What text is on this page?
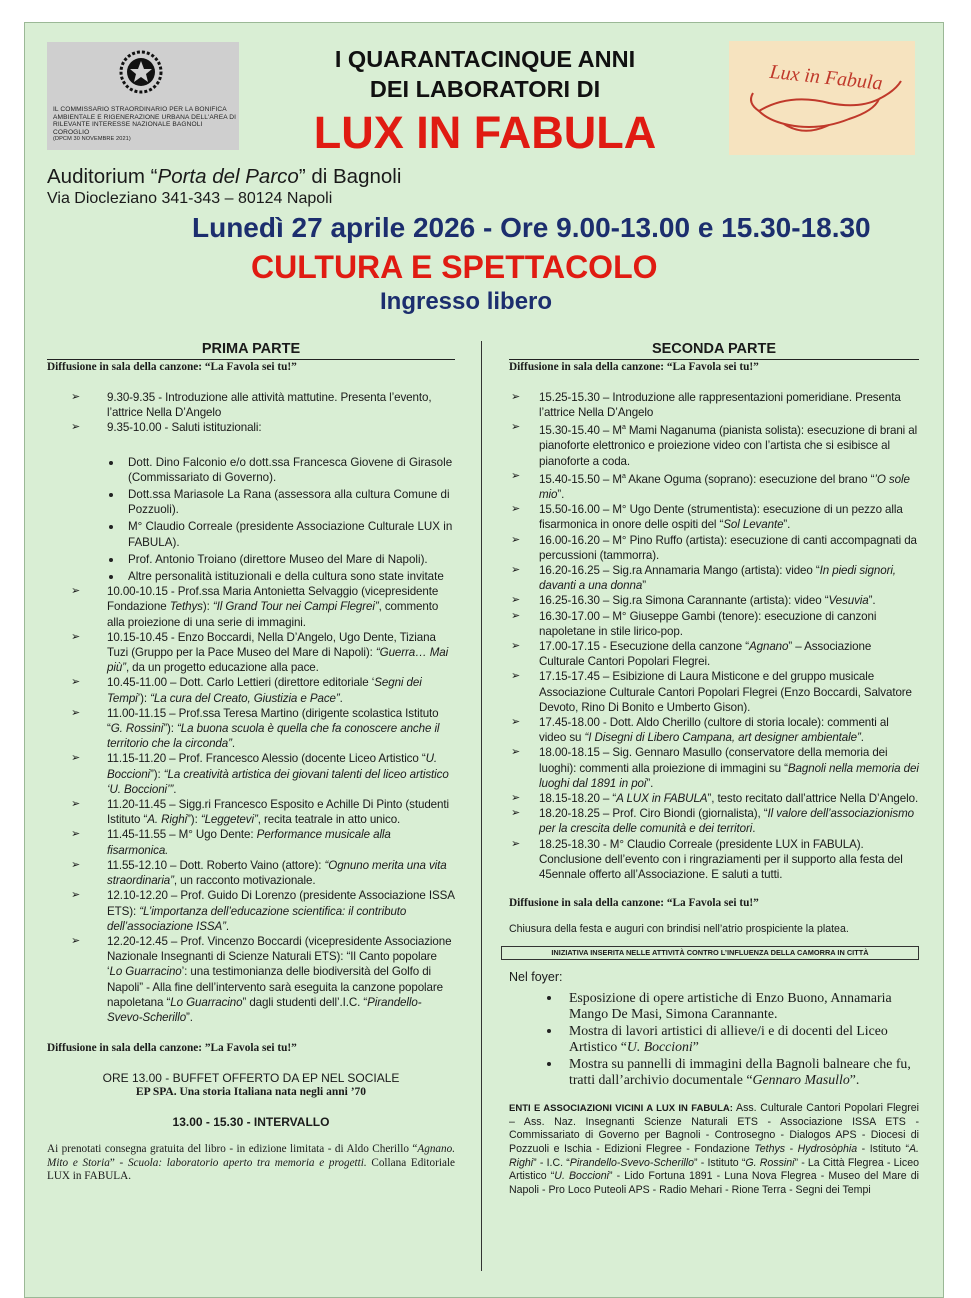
IL COMMISSARIO STRAORDINARIO PER LA BONIFICA AMBIENTALE E RIGENERAZIONE URBANA DELL'AREA DI RILEVANTE INTERESSE NAZIONALE BAGNOLI COROGLIO
(DPCM 30 NOVEMBRE 2021)
I QUARANTACINQUE ANNI
DEI LABORATORI DI
LUX IN FABULA
Lux in Fabula
Auditorium “Porta del Parco” di Bagnoli
Via Diocleziano 341-343 – 80124 Napoli
Lunedì 27 aprile 2026 - Ore 9.00-13.00 e 15.30-18.30
CULTURA E SPETTACOLO
Ingresso libero
PRIMA PARTE
Diffusione in sala della canzone: “La Favola sei tu!”
➢ 9.30-9.35 - Introduzione alle attività mattutine. Presenta l’evento, l’attrice Nella D’Angelo
➢ 9.35-10.00 - Saluti istituzionali:
Dott. Dino Falconio e/o dott.ssa Francesca Giovene di Girasole (Commissariato di Governo).
Dott.ssa Mariasole La Rana (assessora alla cultura Comune di Pozzuoli).
M° Claudio Correale (presidente Associazione Culturale LUX in FABULA).
Prof. Antonio Troiano (direttore Museo del Mare di Napoli).
Altre personalità istituzionali e della cultura sono state invitate
➢ 10.00-10.15 - Prof.ssa Maria Antonietta Selvaggio (vicepresidente Fondazione Tethys): “Il Grand Tour nei Campi Flegrei”, commento alla proiezione di una serie di immagini.
➢ 10.15-10.45 - Enzo Boccardi, Nella D’Angelo, Ugo Dente, Tiziana Tuzi (Gruppo per la Pace Museo del Mare di Napoli): “Guerra… Mai più”, da un progetto educazione alla pace.
➢ 10.45-11.00 – Dott. Carlo Lettieri (direttore editoriale ‘Segni dei Tempi’): “La cura del Creato, Giustizia e Pace”.
➢ 11.00-11.15 – Prof.ssa Teresa Martino (dirigente scolastica Istituto “G. Rossini”): “La buona scuola è quella che fa conoscere anche il territorio che la circonda”.
➢ 11.15-11.20 – Prof. Francesco Alessio (docente Liceo Artistico “U. Boccioni”): “La creatività artistica dei giovani talenti del liceo artistico ‘U. Boccioni’”.
➢ 11.20-11.45 – Sigg.ri Francesco Esposito e Achille Di Pinto (studenti Istituto “A. Righi”): “Leggetevi”, recita teatrale in atto unico.
➢ 11.45-11.55 – M° Ugo Dente: Performance musicale alla fisarmonica.
➢ 11.55-12.10 – Dott. Roberto Vaino (attore): “Ognuno merita una vita straordinaria”, un racconto motivazionale.
➢ 12.10-12.20 – Prof. Guido Di Lorenzo (presidente Associazione ISSA ETS): “L’importanza dell’educazione scientifica: il contributo dell’associazione ISSA”.
➢ 12.20-12.45 – Prof. Vincenzo Boccardi (vicepresidente Associazione Nazionale Insegnanti di Scienze Naturali ETS): “Il Canto popolare ‘Lo Guarracino’: una testimonianza delle biodiversità del Golfo di Napoli” - Alla fine dell’intervento sarà eseguita la canzone popolare napoletana “Lo Guarracino” dagli studenti dell’.I.C. “Pirandello-Svevo-Scherillo”.
Diffusione in sala della canzone: ”La Favola sei tu!”
ORE 13.00 - BUFFET OFFERTO DA EP NEL SOCIALE
EP SPA. Una storia Italiana nata negli anni ’70
13.00 - 15.30 - INTERVALLO
Ai prenotati consegna gratuita del libro - in edizione limitata - di Aldo Cherillo “Agnano. Mito e Storia” - Scuola: laboratorio aperto tra memoria e progetti. Collana Editoriale LUX in FABULA.
SECONDA PARTE
Diffusione in sala della canzone: “La Favola sei tu!”
➢ 15.25-15.30 – Introduzione alle rappresentazioni pomeridiane. Presenta l’attrice Nella D’Angelo
➢ $15.30-15.40 - M^a$ Mami Naganuma (pianista solista): esecuzione di brani al pianoforte elettronico e proiezione video con l’artista che si esibisce al pianoforte a coda.
➢ $15.40-15.50 - M^a$ Akane Oguma (soprano): esecuzione del brano “’O sole mio”.
➢ 15.50-16.00 – M° Ugo Dente (strumentista): esecuzione di un pezzo alla fisarmonica in onore delle ospiti del “Sol Levante”.
➢ 16.00-16.20 – M° Pino Ruffo (artista): esecuzione di canti accompagnati da percussioni (tammorra).
➢ 16.20-16.25 – Sig.ra Annamaria Mango (artista): video “In piedi signori, davanti a una donna”
➢ 16.25-16.30 – Sig.ra Simona Carannante (artista): video “Vesuvia”.
➢ 16.30-17.00 – M° Giuseppe Gambi (tenore): esecuzione di canzoni napoletane in stile lirico-pop.
➢ 17.00-17.15 - Esecuzione della canzone “Agnano” – Associazione Culturale Cantori Popolari Flegrei.
➢ 17.15-17.45 – Esibizione di Laura Misticone e del gruppo musicale Associazione Culturale Cantori Popolari Flegrei (Enzo Boccardi, Salvatore Devoto, Rino Di Bonito e Umberto Gison).
➢ 17.45-18.00 - Dott. Aldo Cherillo (cultore di storia locale): commenti al video su “I Disegni di Libero Campana, art designer ambientale”.
➢ 18.00-18.15 – Sig. Gennaro Masullo (conservatore della memoria dei luoghi): commenti alla proiezione di immagini su “Bagnoli nella memoria dei luoghi dal 1891 in poi”.
➢ 18.15-18.20 – “A LUX in FABULA”, testo recitato dall’attrice Nella D’Angelo.
➢ 18.20-18.25 – Prof. Ciro Biondi (giornalista), “Il valore dell’associazionismo per la crescita delle comunità e dei territori.
➢ 18.25-18.30 - M° Claudio Correale (presidente LUX in FABULA). Conclusione dell’evento con i ringraziamenti per il supporto alla festa del 45ennale offerto all’Associazione. E saluti a tutti.
Diffusione in sala della canzone: “La Favola sei tu!”
Chiusura della festa e auguri con brindisi nell’atrio prospiciente la platea.
INIZIATIVA INSERITA NELLE ATTIVITÀ CONTRO L’INFLUENZA DELLA CAMORRA IN CITTÀ
Nel foyer:
Esposizione di opere artistiche di Enzo Buono, Annamaria Mango De Masi, Simona Carannante.
Mostra di lavori artistici di allieve/i e di docenti del Liceo Artistico “U. Boccioni”
Mostra su pannelli di immagini della Bagnoli balneare che fu, tratti dall’archivio documentale “Gennaro Masullo”.
ENTI E ASSOCIAZIONI VICINI A LUX IN FABULA: Ass. Culturale Cantori Popolari Flegrei – Ass. Naz. Insegnanti Scienze Naturali ETS - Associazione ISSA ETS - Commissariato di Governo per Bagnoli - Controsegno - Dialogos APS - Diocesi di Pozzuoli e Ischia - Edizioni Flegree - Fondazione Tethys - Hydrosòphia - Istituto “A. Righi” - I.C. “Pirandello-Svevo-Scherillo” - Istituto “G. Rossini” - La Città Flegrea - Liceo Artistico “U. Boccioni” - Lido Fortuna 1891 - Luna Nova Flegrea - Museo del Mare di Napoli - Pro Loco Puteoli APS - Radio Mehari - Rione Terra - Segni dei Tempi
